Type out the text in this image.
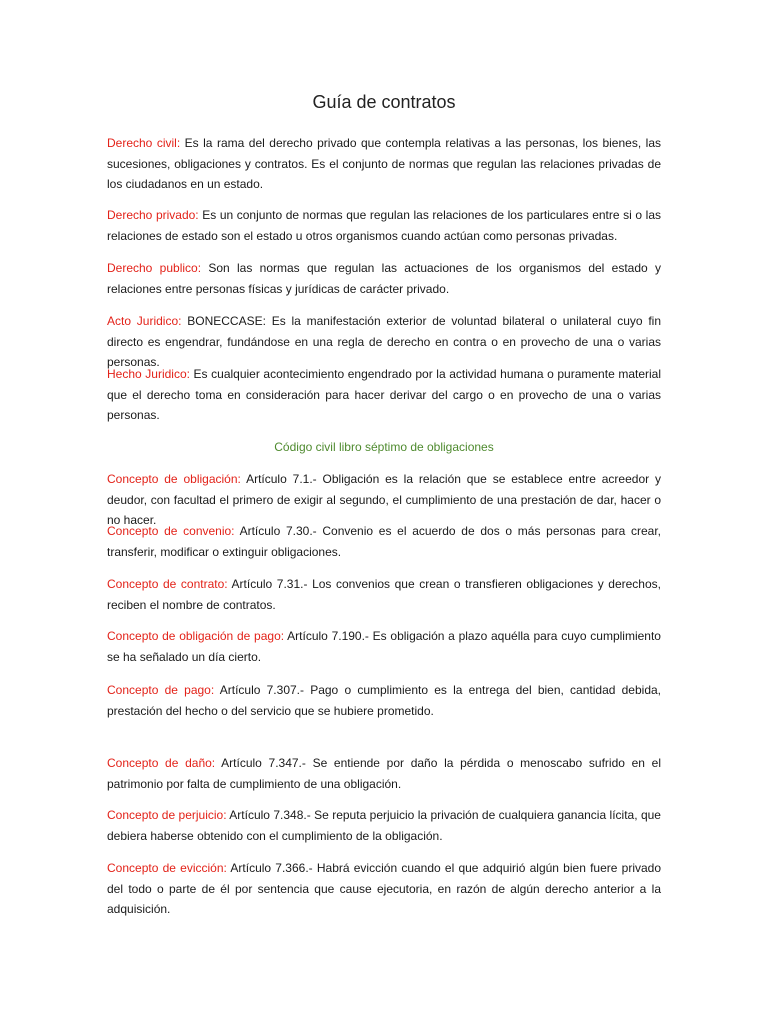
Guía de contratos

Derecho civil: Es la rama del derecho privado que contempla relativas a las personas, los bienes, las sucesiones, obligaciones y contratos. Es el conjunto de normas que regulan las relaciones privadas de los ciudadanos en un estado.

Derecho privado: Es un conjunto de normas que regulan las relaciones de los particulares entre si o las relaciones de estado son el estado u otros organismos cuando actúan como personas privadas.

Derecho publico: Son las normas que regulan las actuaciones de los organismos del estado y relaciones entre personas físicas y jurídicas de carácter privado.

Acto Juridico: BONECCASE: Es la manifestación exterior de voluntad bilateral o unilateral cuyo fin directo es engendrar, fundándose en una regla de derecho en contra o en provecho de una o varias personas.

Hecho Juridico: Es cualquier acontecimiento engendrado por la actividad humana o puramente material que el derecho toma en consideración para hacer derivar del cargo o en provecho de una o varias personas.

Código civil libro séptimo de obligaciones

Concepto de obligación: Artículo 7.1.- Obligación es la relación que se establece entre acreedor y deudor, con facultad el primero de exigir al segundo, el cumplimiento de una prestación de dar, hacer o no hacer.

Concepto de convenio: Artículo 7.30.- Convenio es el acuerdo de dos o más personas para crear, transferir, modificar o extinguir obligaciones.

Concepto de contrato: Artículo 7.31.- Los convenios que crean o transfieren obligaciones y derechos, reciben el nombre de contratos.

Concepto de obligación de pago: Artículo 7.190.- Es obligación a plazo aquélla para cuyo cumplimiento se ha señalado un día cierto.

Concepto de pago: Artículo 7.307.- Pago o cumplimiento es la entrega del bien, cantidad debida, prestación del hecho o del servicio que se hubiere prometido.

Concepto de daño: Artículo 7.347.- Se entiende por daño la pérdida o menoscabo sufrido en el patrimonio por falta de cumplimiento de una obligación.

Concepto de perjuicio: Artículo 7.348.- Se reputa perjuicio la privación de cualquiera ganancia lícita, que debiera haberse obtenido con el cumplimiento de la obligación.

Concepto de evicción: Artículo 7.366.- Habrá evicción cuando el que adquirió algún bien fuere privado del todo o parte de él por sentencia que cause ejecutoria, en razón de algún derecho anterior a la adquisición.
